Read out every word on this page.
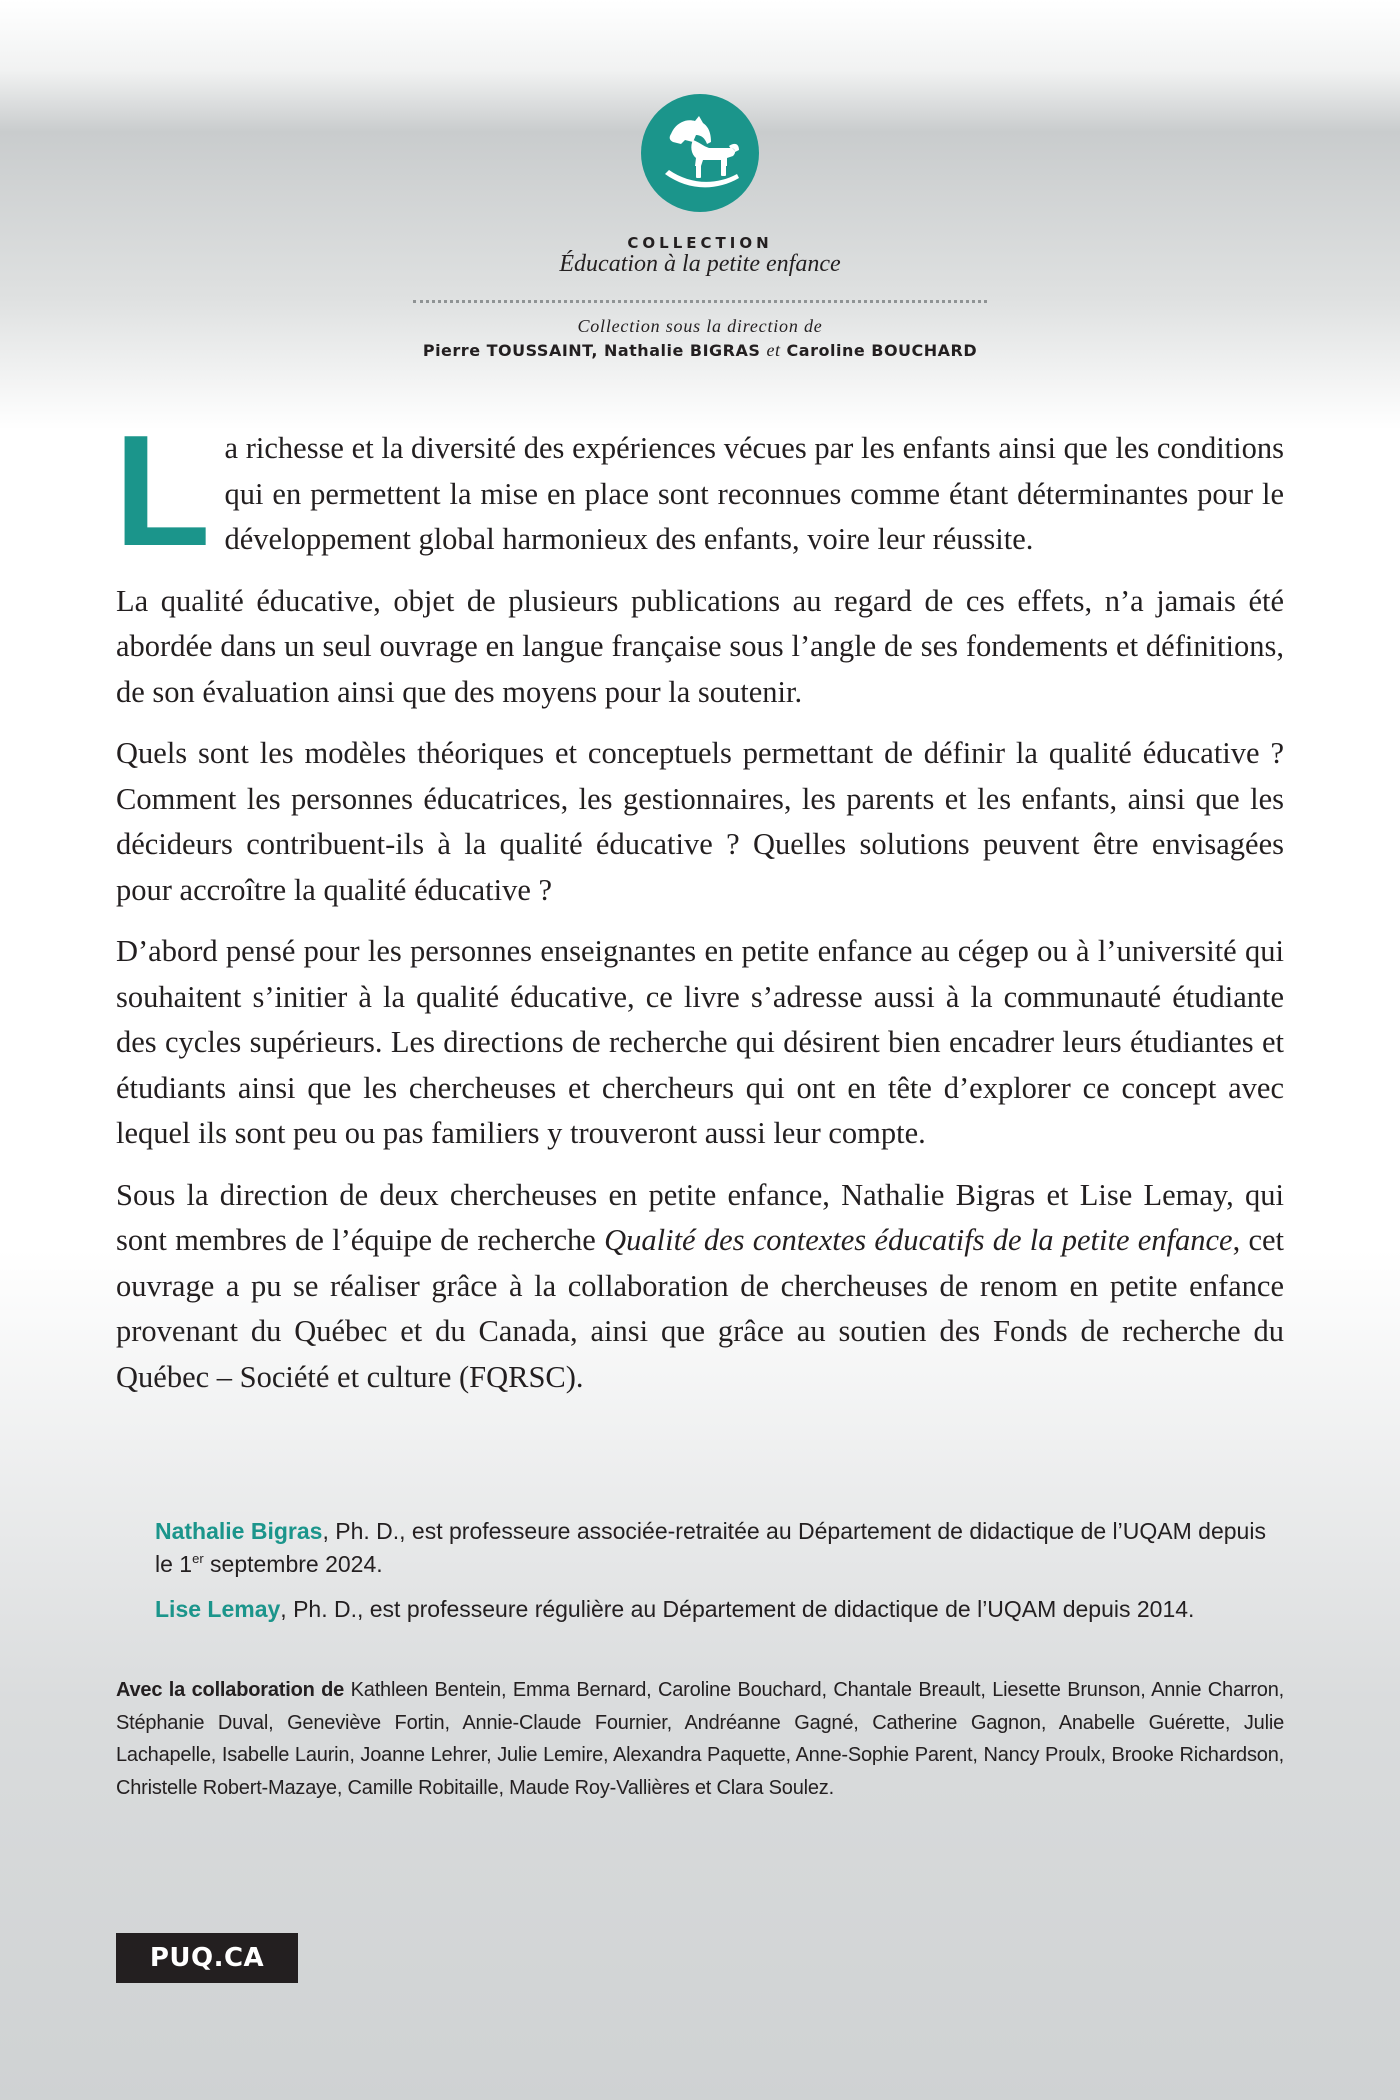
COLLECTION
Éducation à la petite enfance
Collection sous la direction de
Pierre TOUSSAINT, Nathalie BIGRAS et Caroline BOUCHARD

La richesse et la diversité des expériences vécues par les enfants ainsi que les conditions qui en permettent la mise en place sont reconnues comme étant déterminantes pour le développement global harmonieux des enfants, voire leur réussite.

La qualité éducative, objet de plusieurs publications au regard de ces effets, n’a jamais été abordée dans un seul ouvrage en langue française sous l’angle de ses fondements et définitions, de son évaluation ainsi que des moyens pour la soutenir.

Quels sont les modèles théoriques et conceptuels permettant de définir la qualité éducative ? Comment les personnes éducatrices, les gestionnaires, les parents et les enfants, ainsi que les décideurs contribuent-ils à la qualité éducative ? Quelles solutions peuvent être envisagées pour accroître la qualité éducative ?

D’abord pensé pour les personnes enseignantes en petite enfance au cégep ou à l’université qui souhaitent s’initier à la qualité éducative, ce livre s’adresse aussi à la communauté étudiante des cycles supérieurs. Les directions de recherche qui désirent bien encadrer leurs étudiantes et étudiants ainsi que les chercheuses et chercheurs qui ont en tête d’explorer ce concept avec lequel ils sont peu ou pas familiers y trouveront aussi leur compte.

Sous la direction de deux chercheuses en petite enfance, Nathalie Bigras et Lise Lemay, qui sont membres de l’équipe de recherche Qualité des contextes éducatifs de la petite enfance, cet ouvrage a pu se réaliser grâce à la collaboration de chercheuses de renom en petite enfance provenant du Québec et du Canada, ainsi que grâce au soutien des Fonds de recherche du Québec – Société et culture (FQRSC).

Nathalie Bigras, Ph. D., est professeure associée-retraitée au Département de didactique de l’UQAM depuis le 1er septembre 2024.

Lise Lemay, Ph. D., est professeure régulière au Département de didactique de l’UQAM depuis 2014.

Avec la collaboration de Kathleen Bentein, Emma Bernard, Caroline Bouchard, Chantale Breault, Liesette Brunson, Annie Charron, Stéphanie Duval, Geneviève Fortin, Annie-Claude Fournier, Andréanne Gagné, Catherine Gagnon, Anabelle Guérette, Julie Lachapelle, Isabelle Laurin, Joanne Lehrer, Julie Lemire, Alexandra Paquette, Anne-Sophie Parent, Nancy Proulx, Brooke Richardson, Christelle Robert-Mazaye, Camille Robitaille, Maude Roy-Vallières et Clara Soulez.
PUQ.CA
